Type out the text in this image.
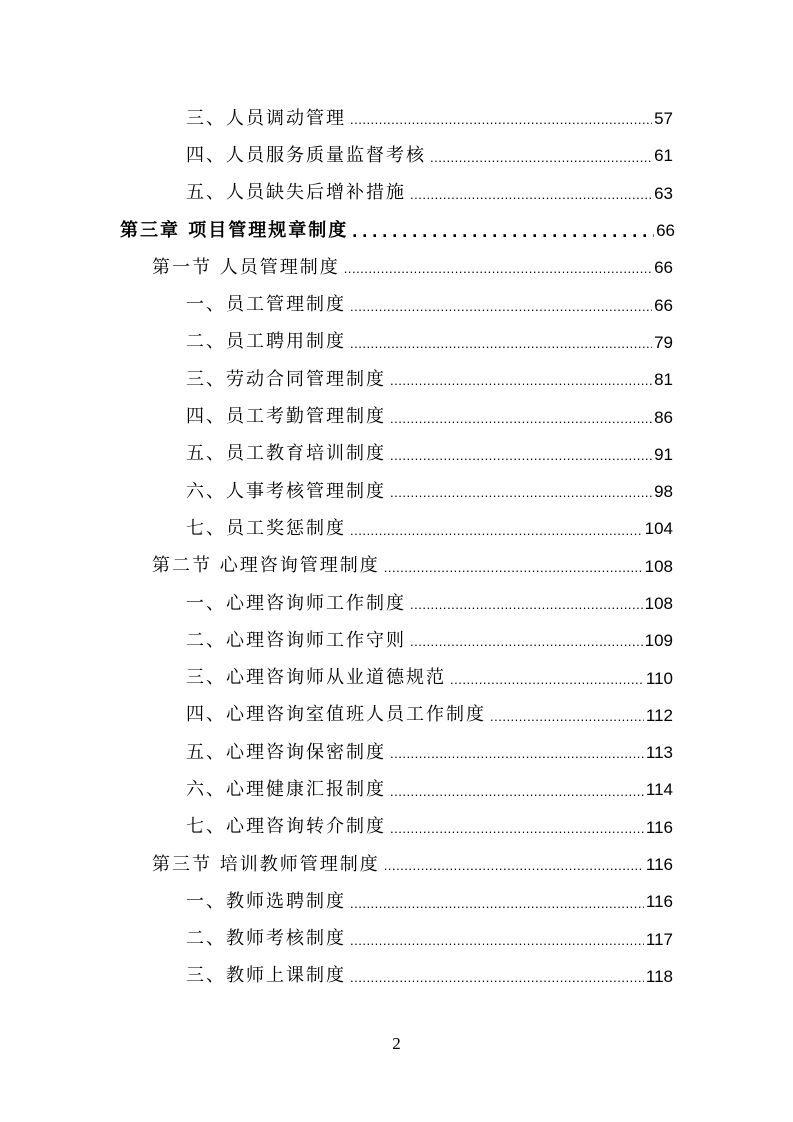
三、人员调动管理 .....	57
四、人员服务质量监督考核 .....	61
五、人员缺失后增补措施 .....	63
第三章 项目管理规章制度 .....	66
第一节 人员管理制度 .....	66
一、员工管理制度 .....	66
二、员工聘用制度 .....	79
三、劳动合同管理制度 .....	81
四、员工考勤管理制度 .....	86
五、员工教育培训制度 .....	91
六、人事考核管理制度 .....	98
七、员工奖惩制度 .....	104
第二节 心理咨询管理制度 .....	108
一、心理咨询师工作制度 .....	108
二、心理咨询师工作守则 .....	109
三、心理咨询师从业道德规范 .....	110
四、心理咨询室值班人员工作制度 .....	112
五、心理咨询保密制度 .....	113
六、心理健康汇报制度 .....	114
七、心理咨询转介制度 .....	116
第三节 培训教师管理制度 .....	116
一、教师选聘制度 .....	116
二、教师考核制度 .....	117
三、教师上课制度 .....	118
2
